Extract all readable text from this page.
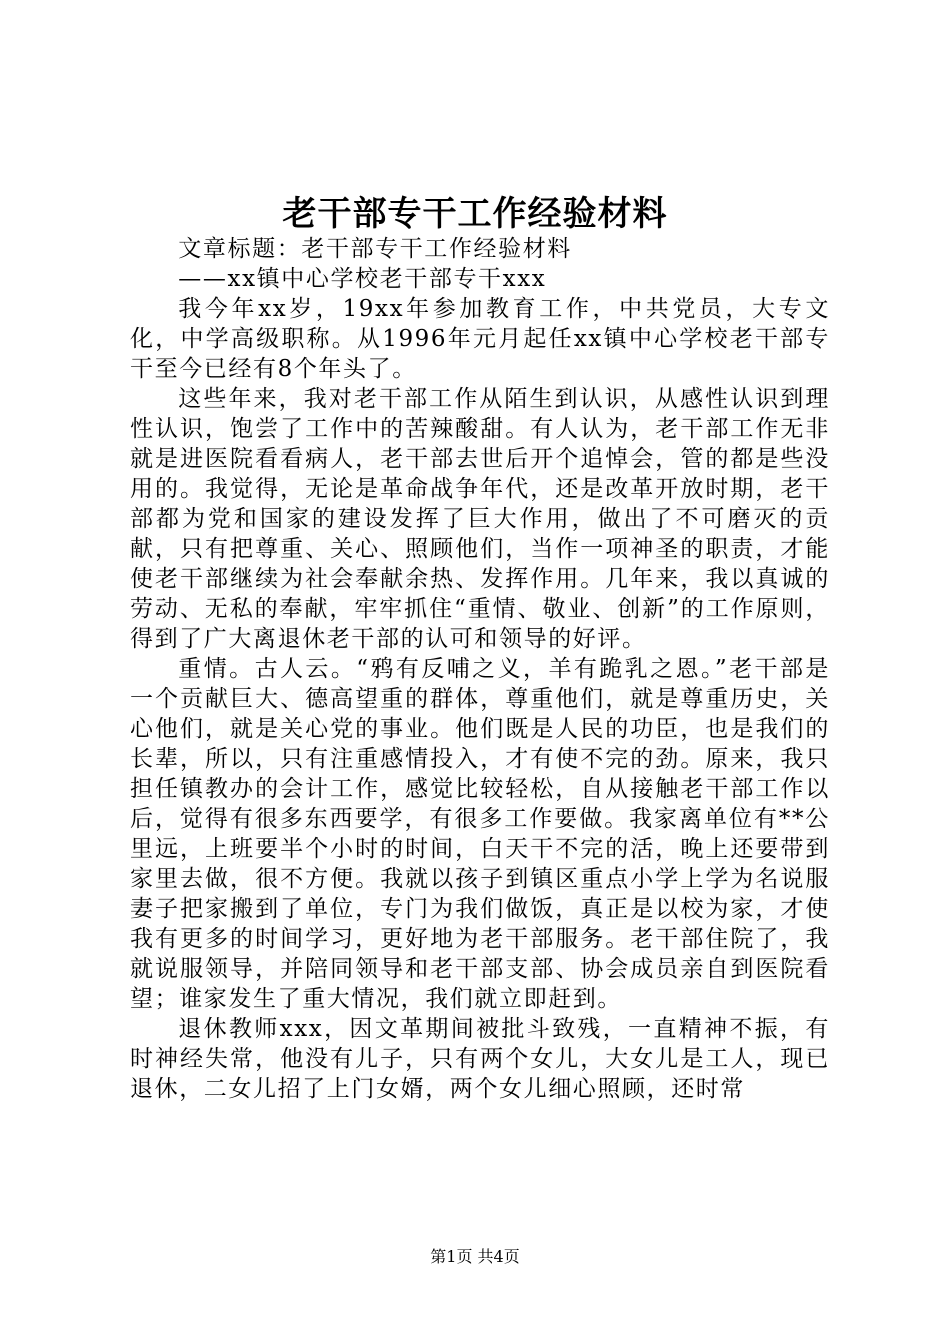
老干部专干工作经验材料

文章标题：老干部专干工作经验材料

——xx镇中心学校老干部专干xxx

我今年xx岁，19xx年参加教育工作，中共党员，大专文化，中学高级职称。从1996年元月起任xx镇中心学校老干部专干至今已经有8个年头了。

这些年来，我对老干部工作从陌生到认识，从感性认识到理性认识，饱尝了工作中的苦辣酸甜。有人认为，老干部工作无非就是进医院看看病人，老干部去世后开个追悼会，管的都是些没用的。我觉得，无论是革命战争年代，还是改革开放时期，老干部都为党和国家的建设发挥了巨大作用，做出了不可磨灭的贡献，只有把尊重、关心、照顾他们，当作一项神圣的职责，才能使老干部继续为社会奉献余热、发挥作用。几年来，我以真诚的劳动、无私的奉献，牢牢抓住“重情、敬业、创新”的工作原则，得到了广大离退休老干部的认可和领导的好评。

重情。古人云。“鸦有反哺之义，羊有跪乳之恩。”老干部是一个贡献巨大、德高望重的群体，尊重他们，就是尊重历史，关心他们，就是关心党的事业。他们既是人民的功臣，也是我们的长辈，所以，只有注重感情投入，才有使不完的劲。原来，我只担任镇教办的会计工作，感觉比较轻松，自从接触老干部工作以后，觉得有很多东西要学，有很多工作要做。我家离单位有**公里远，上班要半个小时的时间，白天干不完的活，晚上还要带到家里去做，很不方便。我就以孩子到镇区重点小学上学为名说服妻子把家搬到了单位，专门为我们做饭，真正是以校为家，才使我有更多的时间学习，更好地为老干部服务。老干部住院了，我就说服领导，并陪同领导和老干部支部、协会成员亲自到医院看望；谁家发生了重大情况，我们就立即赶到。

退休教师xxx，因文革期间被批斗致残，一直精神不振，有时神经失常，他没有儿子，只有两个女儿，大女儿是工人，现已退休，二女儿招了上门女婿，两个女儿细心照顾，还时常

第1页 共4页
